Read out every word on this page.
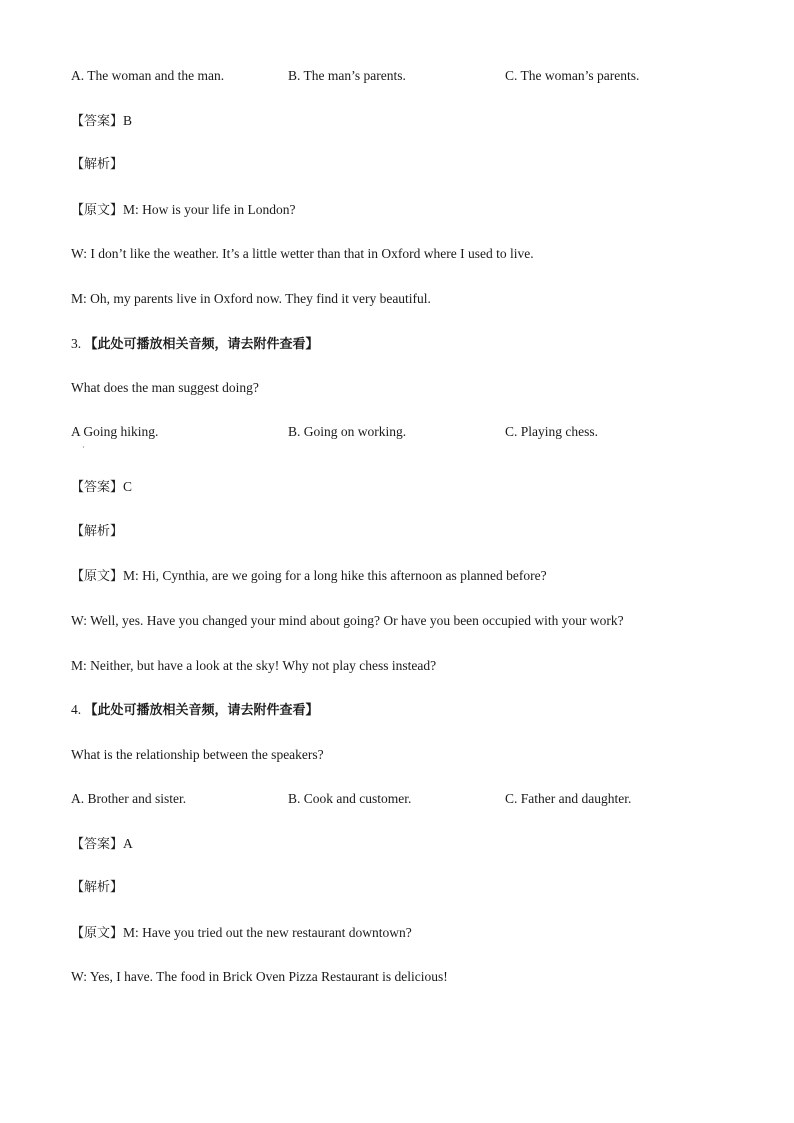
A. The woman and the man.	B. The man’s parents.	C. The woman’s parents.
【答案】B
【解析】
【原文】M: How is your life in London?
W: I don’t like the weather. It’s a little wetter than that in Oxford where I used to live.
M: Oh, my parents live in Oxford now. They find it very beautiful.
3. 【此处可播放相关音频，请去附件查看】
What does the man suggest doing?
A Going hiking.	B. Going on working.	C. Playing chess.
·
【答案】C
【解析】
【原文】M: Hi, Cynthia, are we going for a long hike this afternoon as planned before?
W: Well, yes. Have you changed your mind about going? Or have you been occupied with your work?
M: Neither, but have a look at the sky! Why not play chess instead?
4. 【此处可播放相关音频，请去附件查看】
What is the relationship between the speakers?
A. Brother and sister.	B. Cook and customer.	C. Father and daughter.
【答案】A
【解析】
【原文】M: Have you tried out the new restaurant downtown?
W: Yes, I have. The food in Brick Oven Pizza Restaurant is delicious!
